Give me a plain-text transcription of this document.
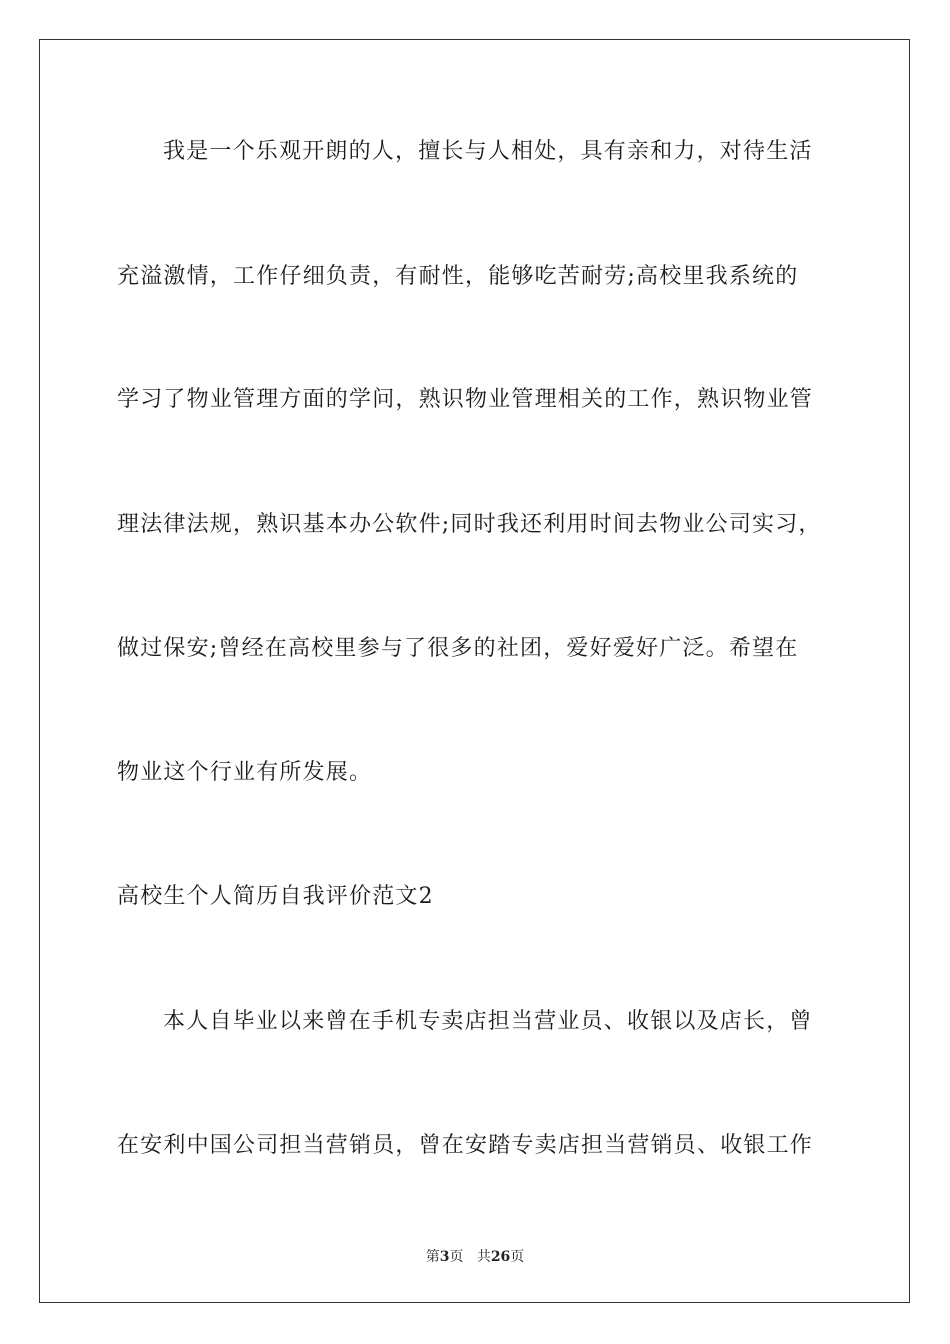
我是一个乐观开朗的人，擅长与人相处，具有亲和力，对待生活
充溢激情，工作仔细负责，有耐性，能够吃苦耐劳;高校里我系统的
学习了物业管理方面的学问，熟识物业管理相关的工作，熟识物业管
理法律法规，熟识基本办公软件;同时我还利用时间去物业公司实习，
做过保安;曾经在高校里参与了很多的社团，爱好爱好广泛。希望在
物业这个行业有所发展。
高校生个人简历自我评价范文2
本人自毕业以来曾在手机专卖店担当营业员、收银以及店长，曾
在安利中国公司担当营销员，曾在安踏专卖店担当营销员、收银工作
第3页 共26页
